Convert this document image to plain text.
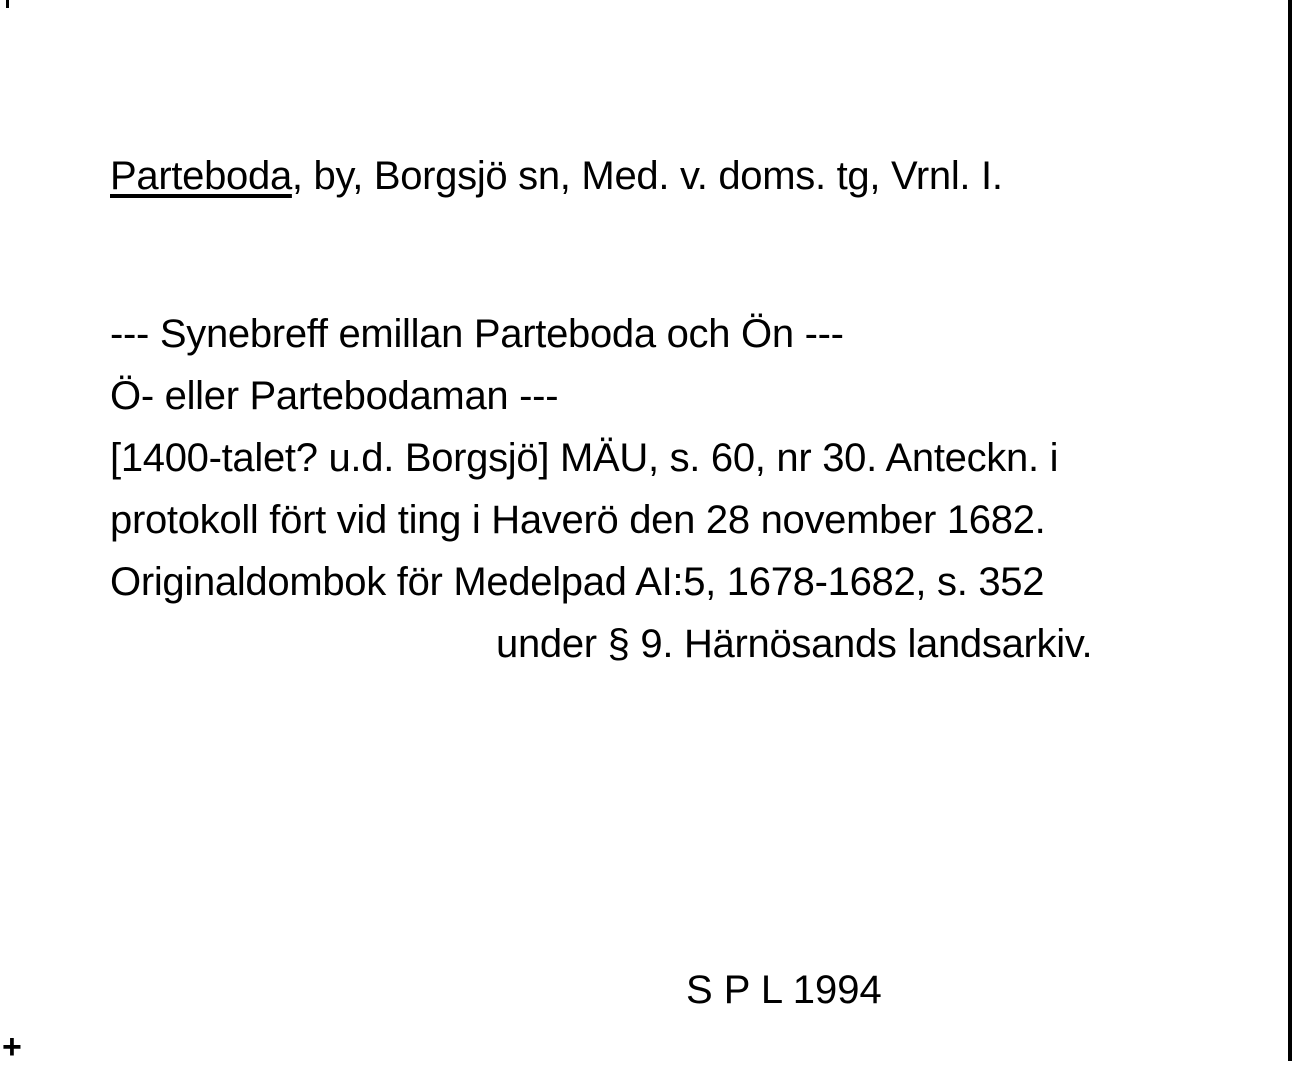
Parteboda, by, Borgsjö sn, Med. v. doms. tg, Vrnl. I.
--- Synebreff emillan Parteboda och Ön ---
Ö- eller Partebodaman ---
[1400-talet? u.d. Borgsjö] MÄU, s. 60, nr 30. Anteckn. i
protokoll fört vid ting i Haverö den 28 november 1682.
Originaldombok för Medelpad AI:5, 1678-1682, s. 352
under § 9. Härnösands landsarkiv.
S P L 1994
+
